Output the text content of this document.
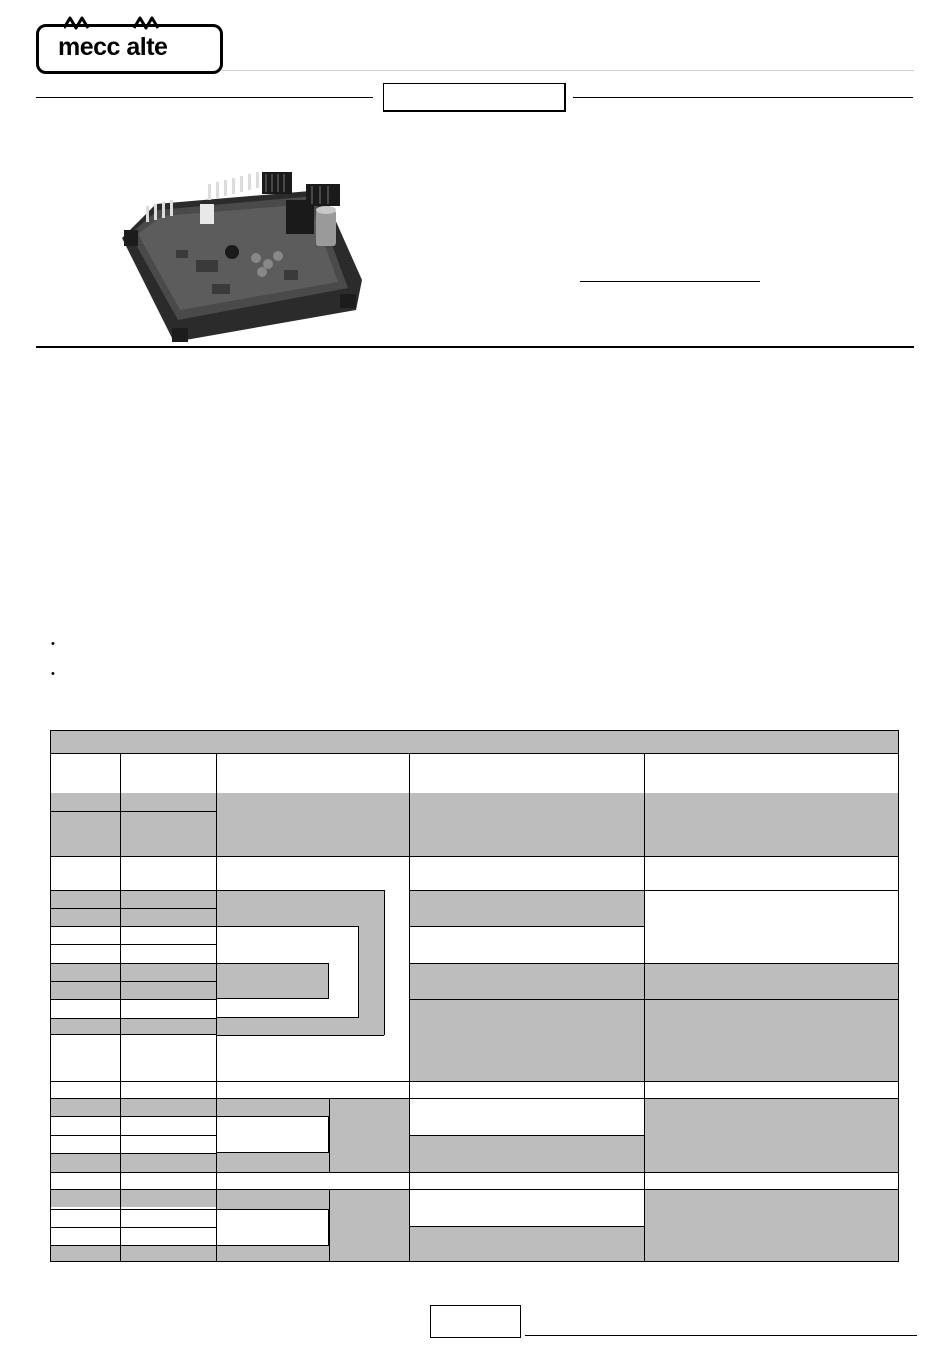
mecc alte
•
•
